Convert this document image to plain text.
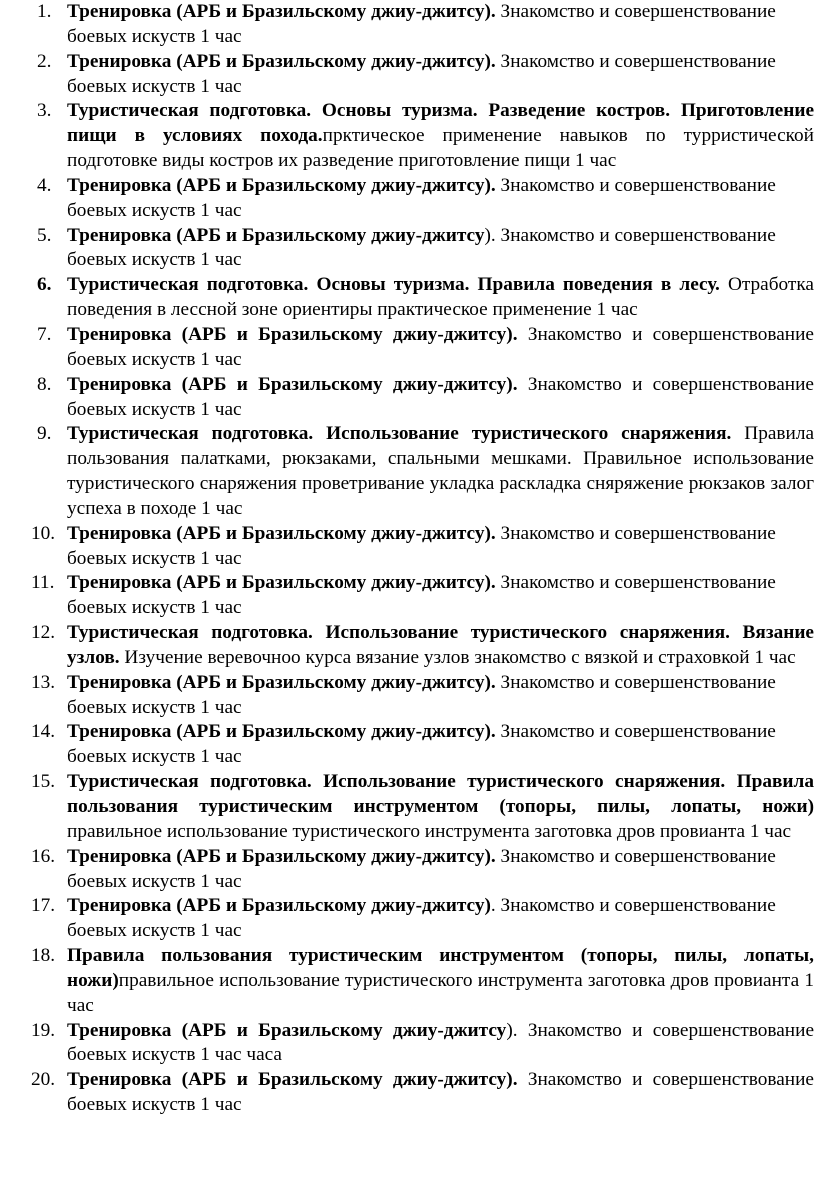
1. Тренировка (АРБ и Бразильскому джиу-джитсу). Знакомство и совершенствование боевых искуств 1 час
2. Тренировка (АРБ и Бразильскому джиу-джитсу). Знакомство и совершенствование боевых искуств 1 час
3. Туристическая подготовка. Основы туризма. Разведение костров. Приготовление пищи в условиях похода.прктическое применение навыков по турристической подготовке виды костров их разведение приготовление пищи 1 час
4. Тренировка (АРБ и Бразильскому джиу-джитсу). Знакомство и совершенствование боевых искуств 1 час
5. Тренировка (АРБ и Бразильскому джиу-джитсу). Знакомство и совершенствование боевых искуств 1 час
6. Туристическая подготовка. Основы туризма. Правила поведения в лесу. Отработка поведения в лессной зоне ориентиры практическое применение 1 час
7. Тренировка (АРБ и Бразильскому джиу-джитсу). Знакомство и совершенствование боевых искуств 1 час
8. Тренировка (АРБ и Бразильскому джиу-джитсу). Знакомство и совершенствование боевых искуств 1 час
9. Туристическая подготовка. Использование туристического снаряжения. Правила пользования палатками, рюкзаками, спальными мешками. Правильное использование туристического снаряжения проветривание укладка раскладка сняряжение рюкзаков залог успеха в походе 1 час
10. Тренировка (АРБ и Бразильскому джиу-джитсу). Знакомство и совершенствование боевых искуств 1 час
11. Тренировка (АРБ и Бразильскому джиу-джитсу). Знакомство и совершенствование боевых искуств 1 час
12. Туристическая подготовка. Использование туристического снаряжения. Вязание узлов. Изучение веревочноо курса вязание узлов знакомство с вязкой и страховкой 1 час
13. Тренировка (АРБ и Бразильскому джиу-джитсу). Знакомство и совершенствование боевых искуств 1 час
14. Тренировка (АРБ и Бразильскому джиу-джитсу). Знакомство и совершенствование боевых искуств 1 час
15. Туристическая подготовка. Использование туристического снаряжения. Правила пользования туристическим инструментом (топоры, пилы, лопаты, ножи) правильное использование туристического инструмента заготовка дров провианта 1 час
16. Тренировка (АРБ и Бразильскому джиу-джитсу). Знакомство и совершенствование боевых искуств 1 час
17. Тренировка (АРБ и Бразильскому джиу-джитсу). Знакомство и совершенствование боевых искуств 1 час
18. Правила пользования туристическим инструментом (топоры, пилы, лопаты, ножи)правильное использование туристического инструмента заготовка дров провианта 1 час
19. Тренировка (АРБ и Бразильскому джиу-джитсу). Знакомство и совершенствование боевых искуств 1 час часа
20. Тренировка (АРБ и Бразильскому джиу-джитсу). Знакомство и совершенствование боевых искуств 1 час
